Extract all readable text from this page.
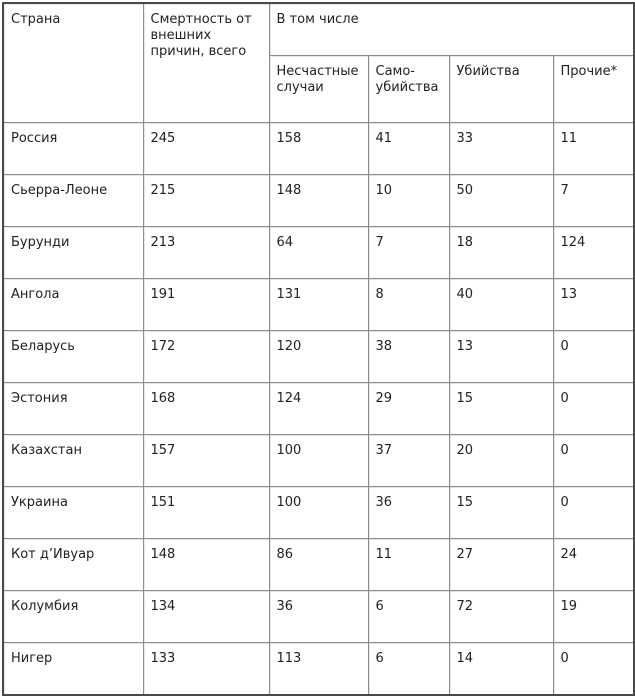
Страна	Смертность от внешних причин, всего	В том числе			
		Несчастные случаи	Само-убийства	Убийства	Прочие*
Россия	245	158	41	33	11
Сьерра-Леоне	215	148	10	50	7
Бурунди	213	64	7	18	124
Ангола	191	131	8	40	13
Беларусь	172	120	38	13	0
Эстония	168	124	29	15	0
Казахстан	157	100	37	20	0
Украина	151	100	36	15	0
Кот д’Ивуар	148	86	11	27	24
Колумбия	134	36	6	72	19
Нигер	133	113	6	14	0
